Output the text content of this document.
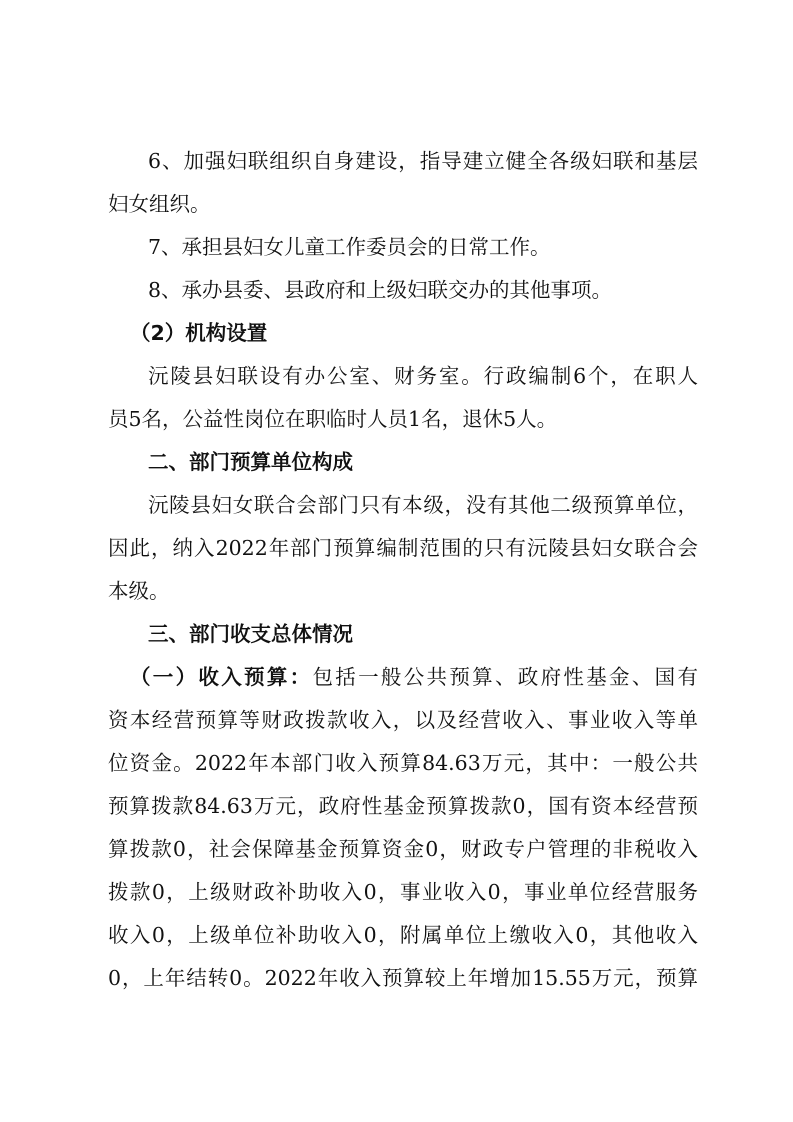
6、加强妇联组织自身建设，指导建立健全各级妇联和基层

妇女组织。

7、承担县妇女儿童工作委员会的日常工作。

8、承办县委、县政府和上级妇联交办的其他事项。

（2）机构设置

沅陵县妇联设有办公室、财务室。行政编制6个，在职人

员5名，公益性岗位在职临时人员1名，退休5人。

二、部门预算单位构成

沅陵县妇女联合会部门只有本级，没有其他二级预算单位，

因此，纳入2022年部门预算编制范围的只有沅陵县妇女联合会

本级。

三、部门收支总体情况

（一）收入预算：包括一般公共预算、政府性基金、国有

资本经营预算等财政拨款收入，以及经营收入、事业收入等单

位资金。2022年本部门收入预算84.63万元，其中：一般公共

预算拨款84.63万元，政府性基金预算拨款0，国有资本经营预

算拨款0，社会保障基金预算资金0，财政专户管理的非税收入

拨款0，上级财政补助收入0，事业收入0，事业单位经营服务

收入0，上级单位补助收入0，附属单位上缴收入0，其他收入

0，上年结转0。2022年收入预算较上年增加15.55万元，预算
